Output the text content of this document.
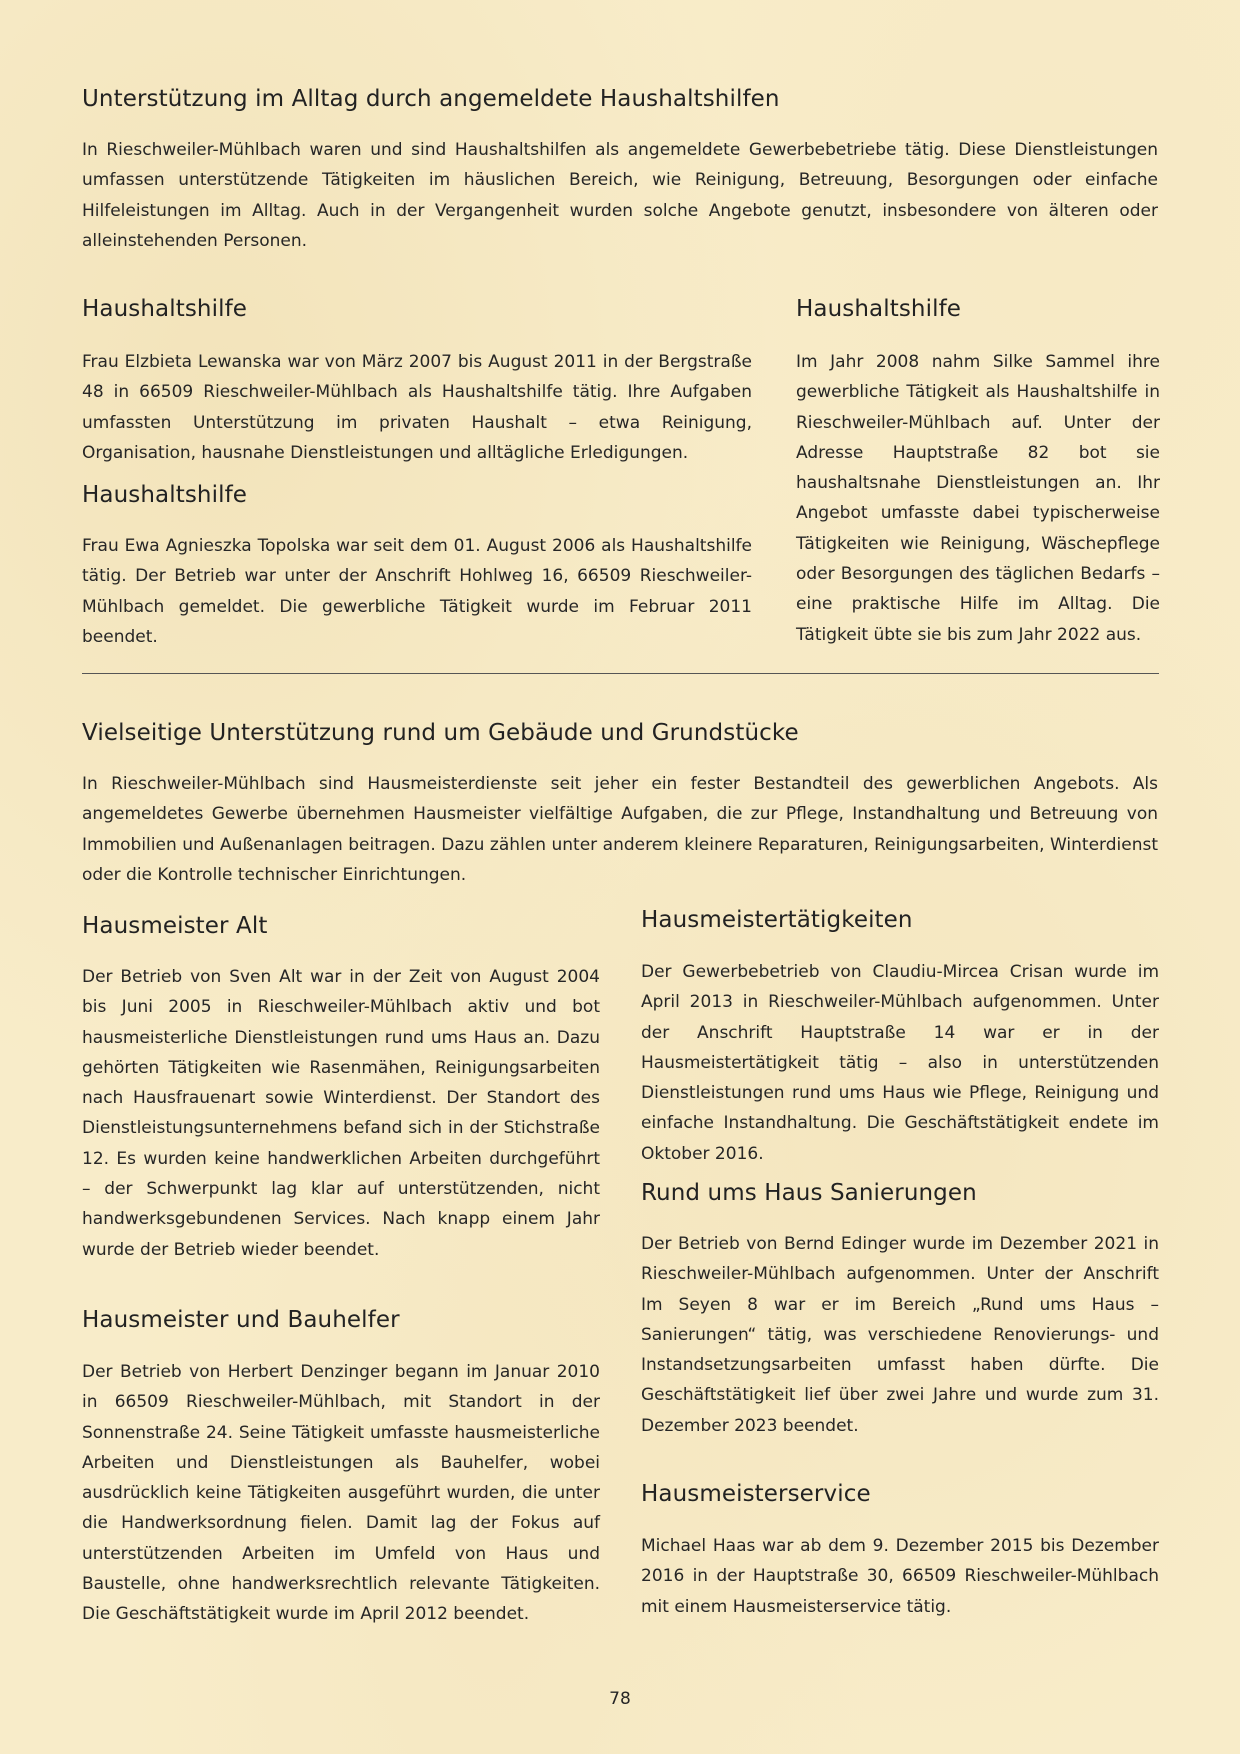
Unterstützung im Alltag durch angemeldete Haushaltshilfen

In Rieschweiler-Mühlbach waren und sind Haushaltshilfen als angemeldete Gewerbebetriebe tätig. Diese Dienstleistungen umfassen unterstützende Tätigkeiten im häuslichen Bereich, wie Reinigung, Betreuung, Besorgungen oder einfache Hilfeleistungen im Alltag. Auch in der Vergangenheit wurden solche Angebote genutzt, insbesondere von älteren oder alleinstehenden Personen.

Haushaltshilfe

Frau Elzbieta Lewanska war von März 2007 bis August 2011 in der Bergstraße 48 in 66509 Rieschweiler-Mühlbach als Haushaltshilfe tätig. Ihre Aufgaben umfassten Unterstützung im privaten Haushalt – etwa Reinigung, Organisation, hausnahe Dienstleistungen und alltägliche Erledigungen.

Haushaltshilfe

Frau Ewa Agnieszka Topolska war seit dem 01. August 2006 als Haushaltshilfe tätig. Der Betrieb war unter der Anschrift Hohlweg 16, 66509 Rieschweiler-Mühlbach gemeldet. Die gewerbliche Tätigkeit wurde im Februar 2011 beendet.

Haushaltshilfe

Im Jahr 2008 nahm Silke Sammel ihre gewerbliche Tätigkeit als Haushaltshilfe in Rieschweiler-Mühlbach auf. Unter der Adresse Hauptstraße 82 bot sie haushaltsnahe Dienstleistungen an. Ihr Angebot umfasste dabei typischerweise Tätigkeiten wie Reinigung, Wäschepflege oder Besorgungen des täglichen Bedarfs – eine praktische Hilfe im Alltag. Die Tätigkeit übte sie bis zum Jahr 2022 aus.

Vielseitige Unterstützung rund um Gebäude und Grundstücke

In Rieschweiler-Mühlbach sind Hausmeisterdienste seit jeher ein fester Bestandteil des gewerblichen Angebots. Als angemeldetes Gewerbe übernehmen Hausmeister vielfältige Aufgaben, die zur Pflege, Instandhaltung und Betreuung von Immobilien und Außenanlagen beitragen. Dazu zählen unter anderem kleinere Reparaturen, Reinigungsarbeiten, Winterdienst oder die Kontrolle technischer Einrichtungen.

Hausmeister Alt

Der Betrieb von Sven Alt war in der Zeit von August 2004 bis Juni 2005 in Rieschweiler-Mühlbach aktiv und bot hausmeisterliche Dienstleistungen rund ums Haus an. Dazu gehörten Tätigkeiten wie Rasenmähen, Reinigungsarbeiten nach Hausfrauenart sowie Winterdienst. Der Standort des Dienstleistungsunternehmens befand sich in der Stichstraße 12. Es wurden keine handwerklichen Arbeiten durchgeführt – der Schwerpunkt lag klar auf unterstützenden, nicht handwerksgebundenen Services. Nach knapp einem Jahr wurde der Betrieb wieder beendet.

Hausmeister und Bauhelfer

Der Betrieb von Herbert Denzinger begann im Januar 2010 in 66509 Rieschweiler-Mühlbach, mit Standort in der Sonnenstraße 24. Seine Tätigkeit umfasste hausmeisterliche Arbeiten und Dienstleistungen als Bauhelfer, wobei ausdrücklich keine Tätigkeiten ausgeführt wurden, die unter die Handwerksordnung fielen. Damit lag der Fokus auf unterstützenden Arbeiten im Umfeld von Haus und Baustelle, ohne handwerksrechtlich relevante Tätigkeiten. Die Geschäftstätigkeit wurde im April 2012 beendet.

Hausmeistertätigkeiten

Der Gewerbebetrieb von Claudiu-Mircea Crisan wurde im April 2013 in Rieschweiler-Mühlbach aufgenommen. Unter der Anschrift Hauptstraße 14 war er in der Hausmeistertätigkeit tätig – also in unterstützenden Dienstleistungen rund ums Haus wie Pflege, Reinigung und einfache Instandhaltung. Die Geschäftstätigkeit endete im Oktober 2016.

Rund ums Haus Sanierungen

Der Betrieb von Bernd Edinger wurde im Dezember 2021 in Rieschweiler-Mühlbach aufgenommen. Unter der Anschrift Im Seyen 8 war er im Bereich „Rund ums Haus – Sanierungen“ tätig, was verschiedene Renovierungs- und Instandsetzungsarbeiten umfasst haben dürfte. Die Geschäftstätigkeit lief über zwei Jahre und wurde zum 31. Dezember 2023 beendet.

Hausmeisterservice

Michael Haas war ab dem 9. Dezember 2015 bis Dezember 2016 in der Hauptstraße 30, 66509 Rieschweiler-Mühlbach mit einem Hausmeisterservice tätig.

78
